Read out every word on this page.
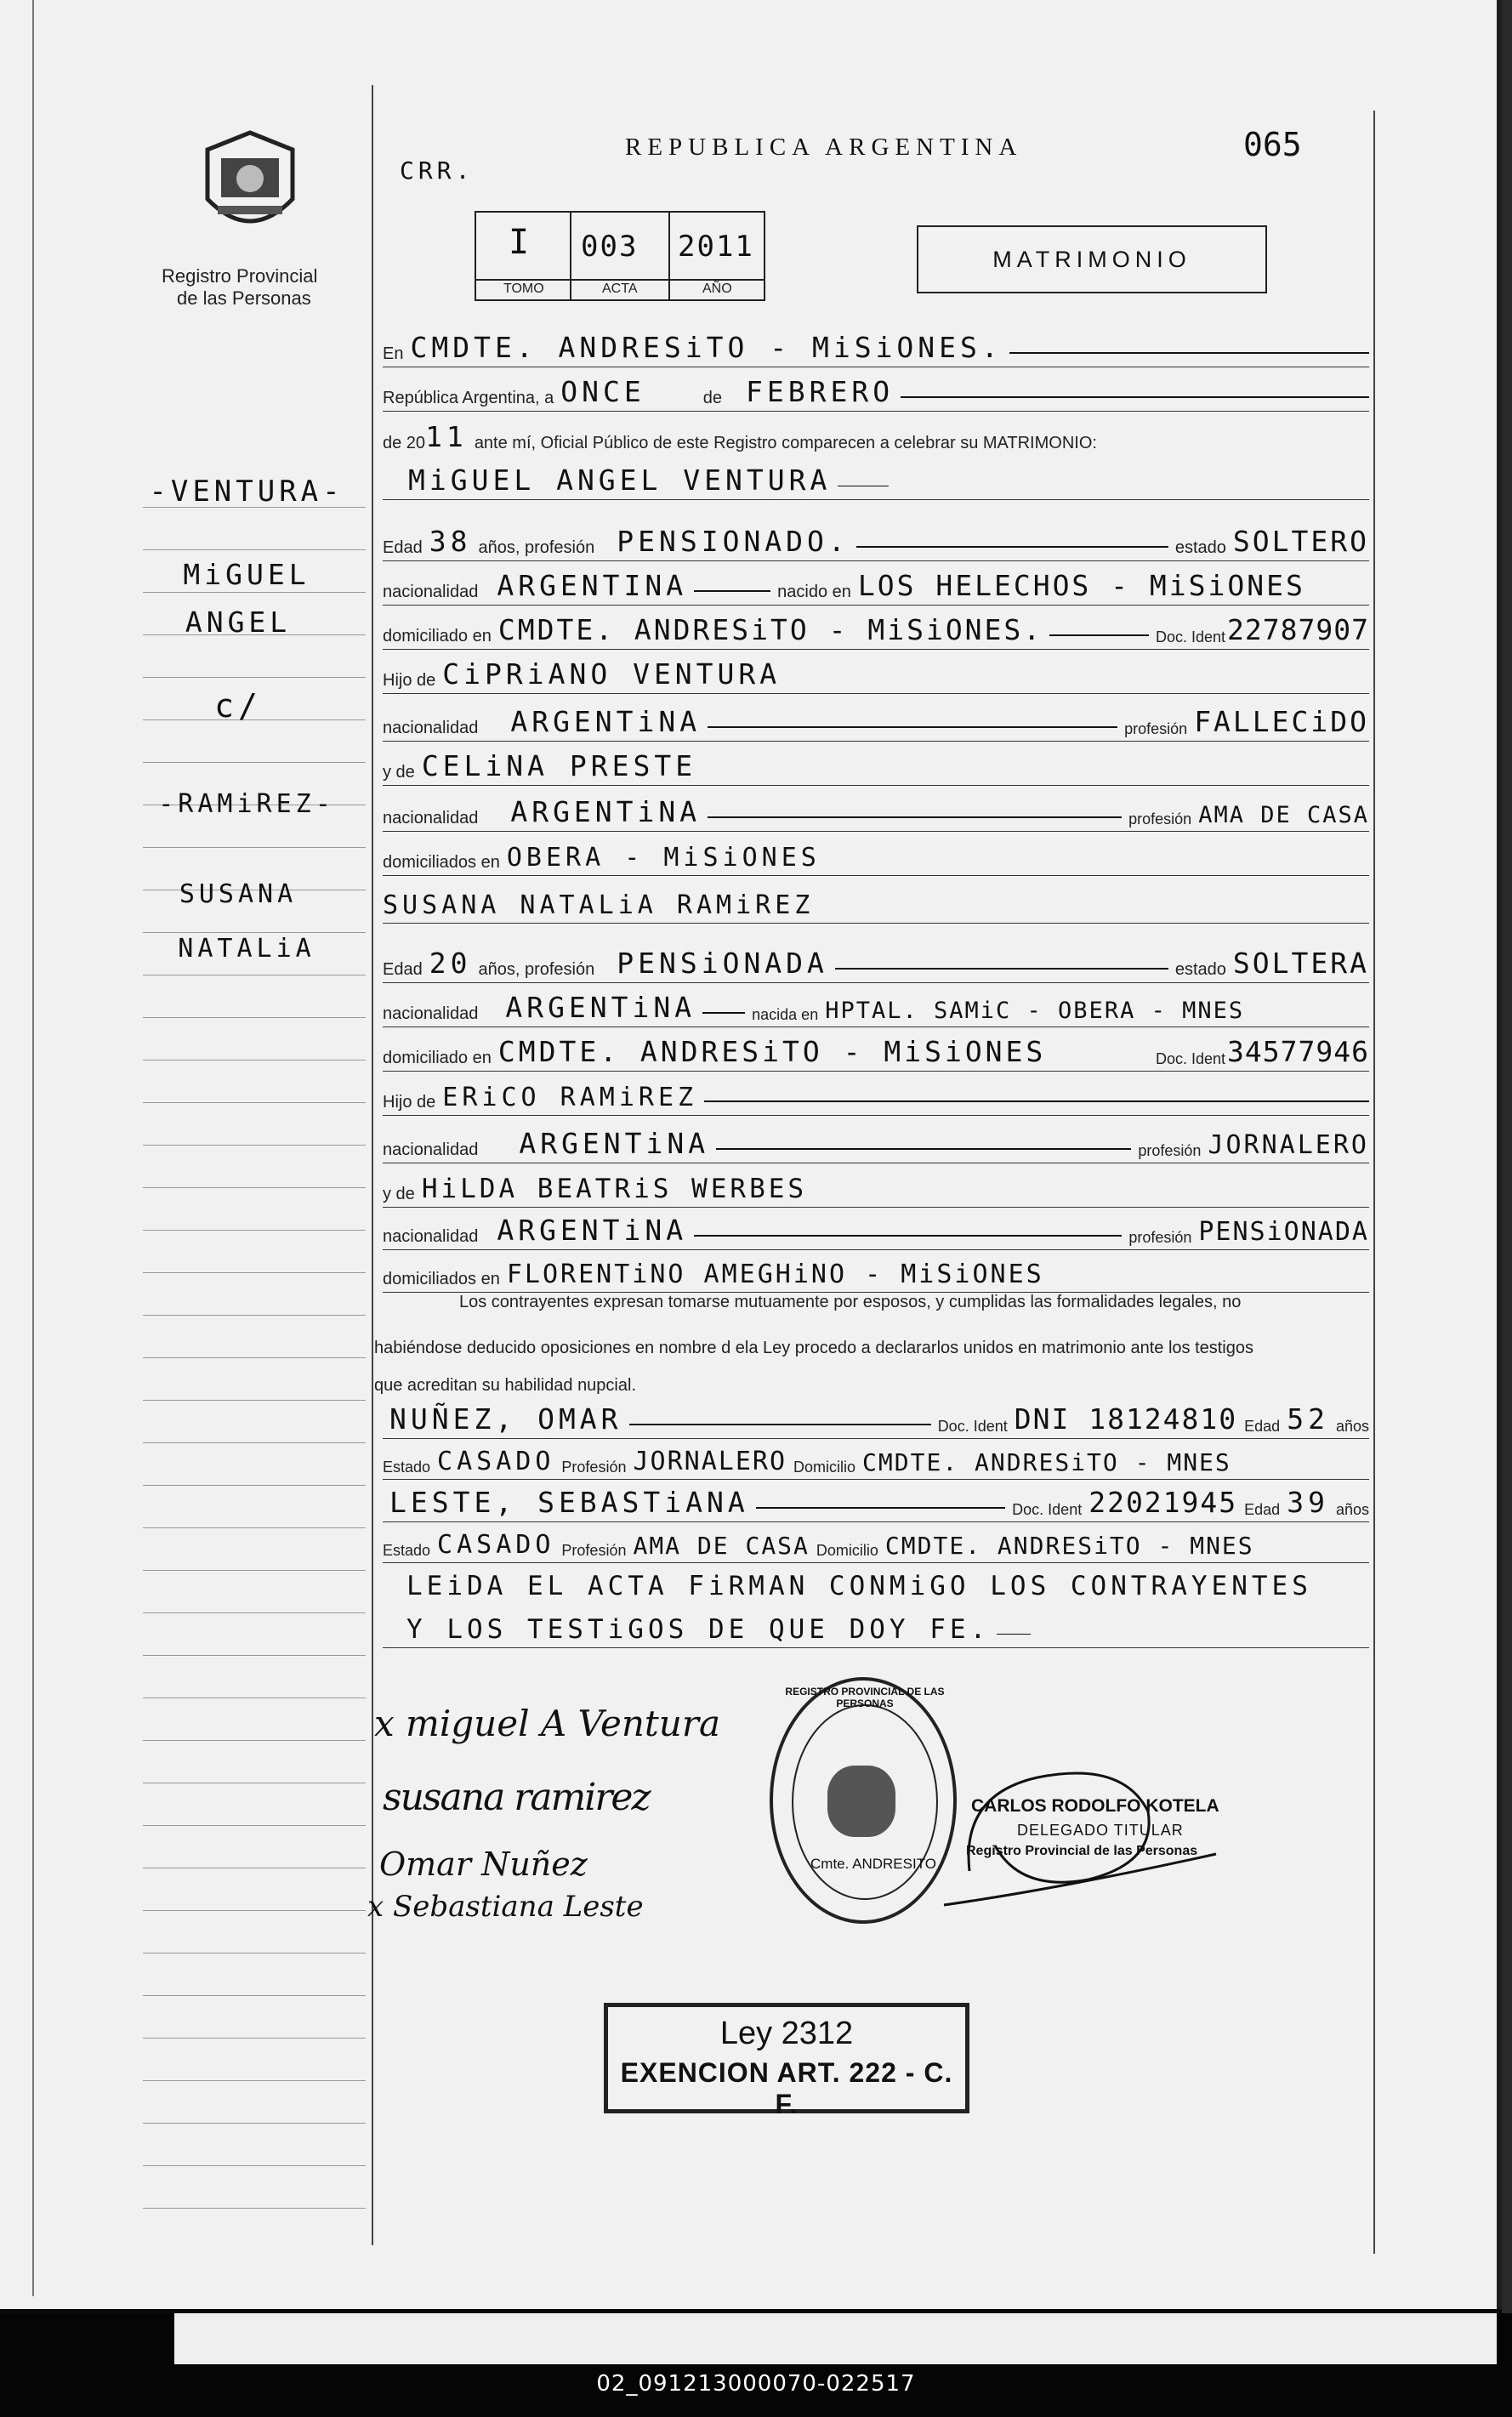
Registro Provincial
de las Personas
CRR.
REPUBLICA ARGENTINA	065
I 003 2011
TOMO	ACTA	AÑO
MATRIMONIO
-VENTURA-
MiGUEL
ANGEL
c/
-RAMiREZ-
SUSANA
NATALiA
En CMDTE. ANDRESiTO - MiSiONES.
República Argentina, a ONCE	de FEBRERO
de 20 11 ante mí, Oficial Público de este Registro comparecen a celebrar su MATRIMONIO:
MiGUEL ANGEL VENTURA
Edad 38 años, profesión PENSIONADO.	estado SOLTERO
nacionalidad ARGENTINA	nacido en LOS HELECHOS - MiSiONES
domiciliado en CMDTE. ANDRESiTO - MiSiONES.	Doc. Ident 22787907
Hijo de CiPRiANO VENTURA
nacionalidad ARGENTiNA	profesión FALLECiDO
y de CELiNA PRESTE
nacionalidad ARGENTiNA	profesión AMA DE CASA
domiciliados en OBERA - MiSiONES
SUSANA NATALiA RAMiREZ
Edad 20 años, profesión PENSiONADA	estado SOLTERA
nacionalidad ARGENTiNA	nacida en HPTAL. SAMiC - OBERA - MNES
domiciliado en CMDTE. ANDRESiTO - MiSiONES	Doc. Ident 34577946
Hijo de ERiCO RAMiREZ
nacionalidad ARGENTiNA	profesión JORNALERO
y de HiLDA BEATRiS WERBES
nacionalidad ARGENTiNA	profesión PENSiONADA
domiciliados en FLORENTiNO AMEGHiNO - MiSiONES
Los contrayentes expresan tomarse mutuamente por esposos, y cumplidas las formalidades legales, no
habiéndose deducido oposiciones en nombre d ela Ley procedo a declararlos unidos en matrimonio ante los testigos
que acreditan su habilidad nupcial.
NUÑEZ, OMAR	Doc. Ident DNI 18124810 Edad 52 años
Estado CASADO Profesión JORNALERO Domicilio CMDTE. ANDRESiTO - MNES
LESTE, SEBASTiANA	Doc. Ident 22021945 Edad 39 años
Estado CASADO Profesión AMA DE CASA Domicilio CMDTE. ANDRESiTO - MNES
LEiDA EL ACTA FiRMAN CONMiGO LOS CONTRAYENTES
Y LOS TESTiGOS DE QUE DOY FE.
x miguel A Ventura
susana ramirez
Omar Nuñez
x Sebastiana Leste
REGISTRO PROVINCIAL DE LAS PERSONAS
Cmte. ANDRESITO
CARLOS RODOLFO KOTELA
DELEGADO TITULAR
Registro Provincial de las Personas
Ley 2312
EXENCION ART. 222 - C. F.
02_091213000070-022517
